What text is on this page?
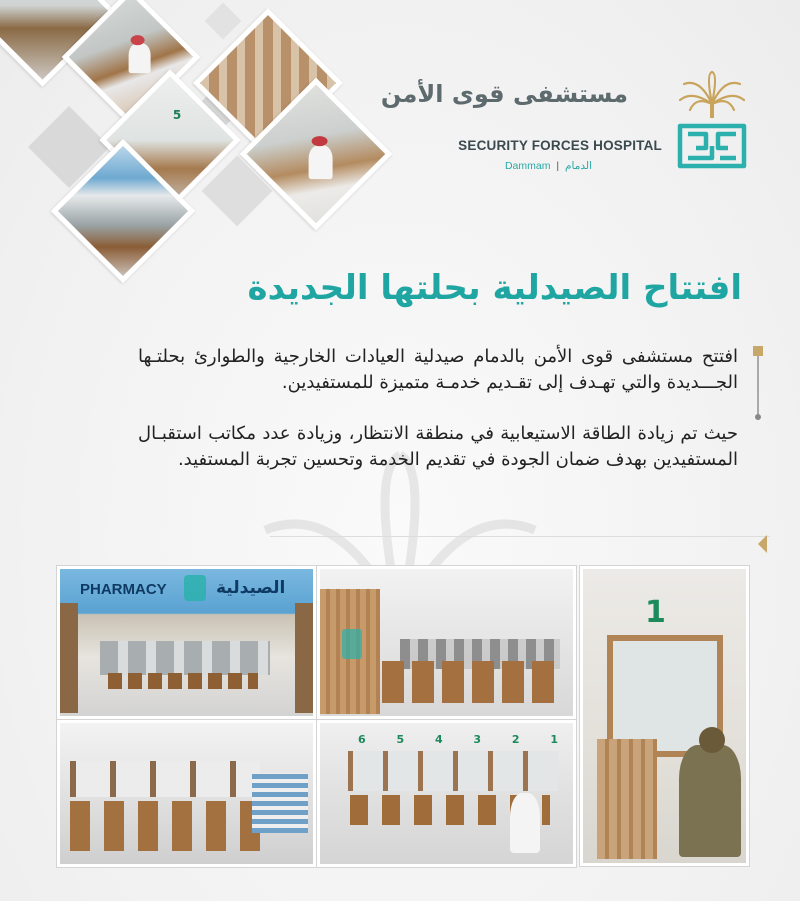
5
مستشفى قوى الأمن
SECURITY FORCES HOSPITAL
Dammam | الدمام
افتتاح الصيدلية بحلتها الجديدة
افتتح مستشفى قوى الأمن بالدمام صيدلية العيادات الخارجية والطوارئ بحلتـها الجـــديدة والتي تهـدف إلى تقـديم خدمـة متميزة للمستفيدين.
حيث تم زيادة الطاقة الاستيعابية في منطقة الانتظار، وزيادة عدد مكاتب استقبـال المستفيدين بهدف ضمان الجودة في تقديم الخدمة وتحسين تجربة المستفيد.
PHARMACY	الصيدلية
1
6	5	4	3	2	1
